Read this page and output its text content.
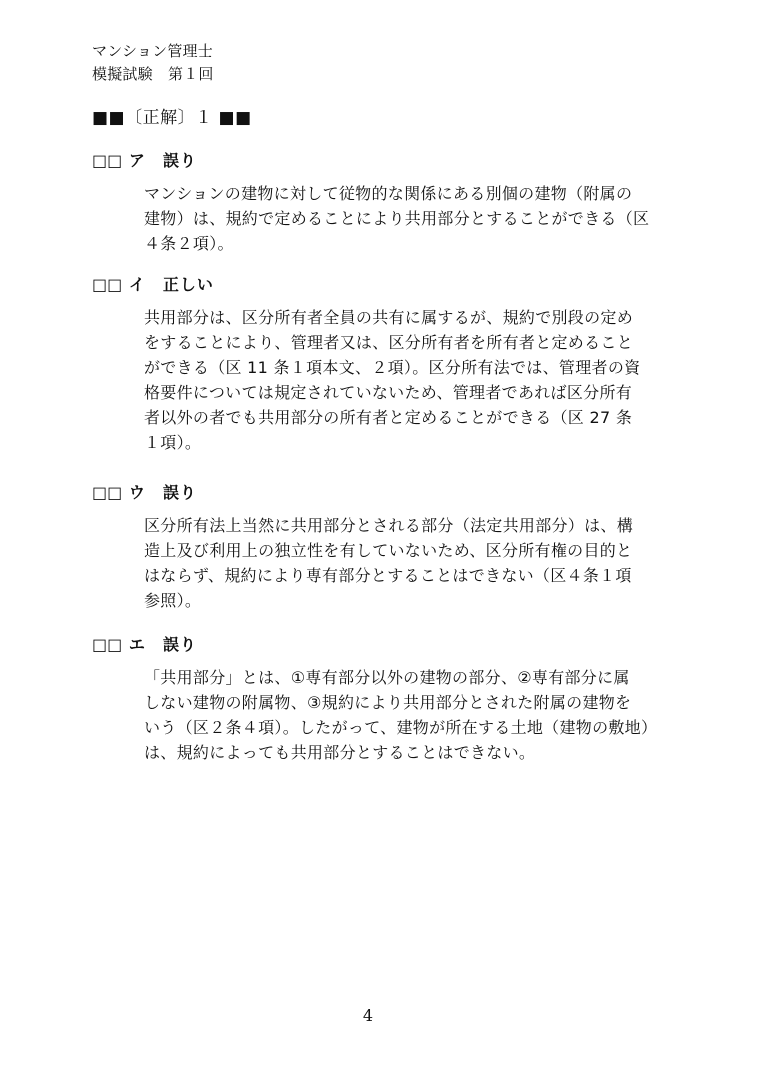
マンション管理士
模擬試験　第１回
■■〔正解〕１ ■■
□□ ア　誤り
マンションの建物に対して従物的な関係にある別個の建物（附属の
建物）は、規約で定めることにより共用部分とすることができる（区
４条２項）。
□□ イ　正しい
共用部分は、区分所有者全員の共有に属するが、規約で別段の定め
をすることにより、管理者又は、区分所有者を所有者と定めること
ができる（区 11 条１項本文、２項）。区分所有法では、管理者の資
格要件については規定されていないため、管理者であれば区分所有
者以外の者でも共用部分の所有者と定めることができる（区 27 条
１項）。
□□ ウ　誤り
区分所有法上当然に共用部分とされる部分（法定共用部分）は、構
造上及び利用上の独立性を有していないため、区分所有権の目的と
はならず、規約により専有部分とすることはできない（区４条１項
参照）。
□□ エ　誤り
「共用部分」とは、①専有部分以外の建物の部分、②専有部分に属
しない建物の附属物、③規約により共用部分とされた附属の建物を
いう（区２条４項）。したがって、建物が所在する土地（建物の敷地）
は、規約によっても共用部分とすることはできない。
4
